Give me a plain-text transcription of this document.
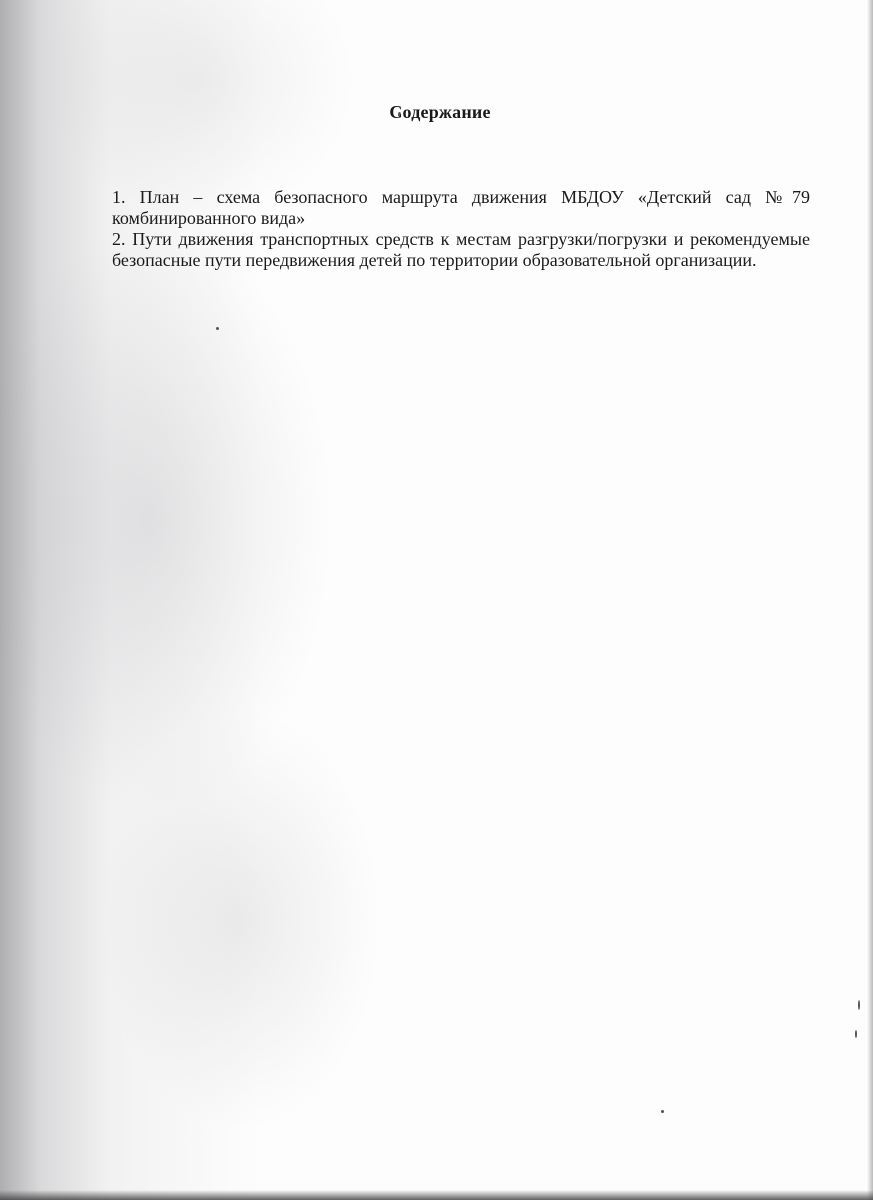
Содержание

1. План – схема безопасного маршрута движения МБДОУ «Детский сад №79 комбинированного вида»

2. Пути движения транспортных средств к местам разгрузки/погрузки и рекомендуемые безопасные пути передвижения детей по территории образовательной организации.
